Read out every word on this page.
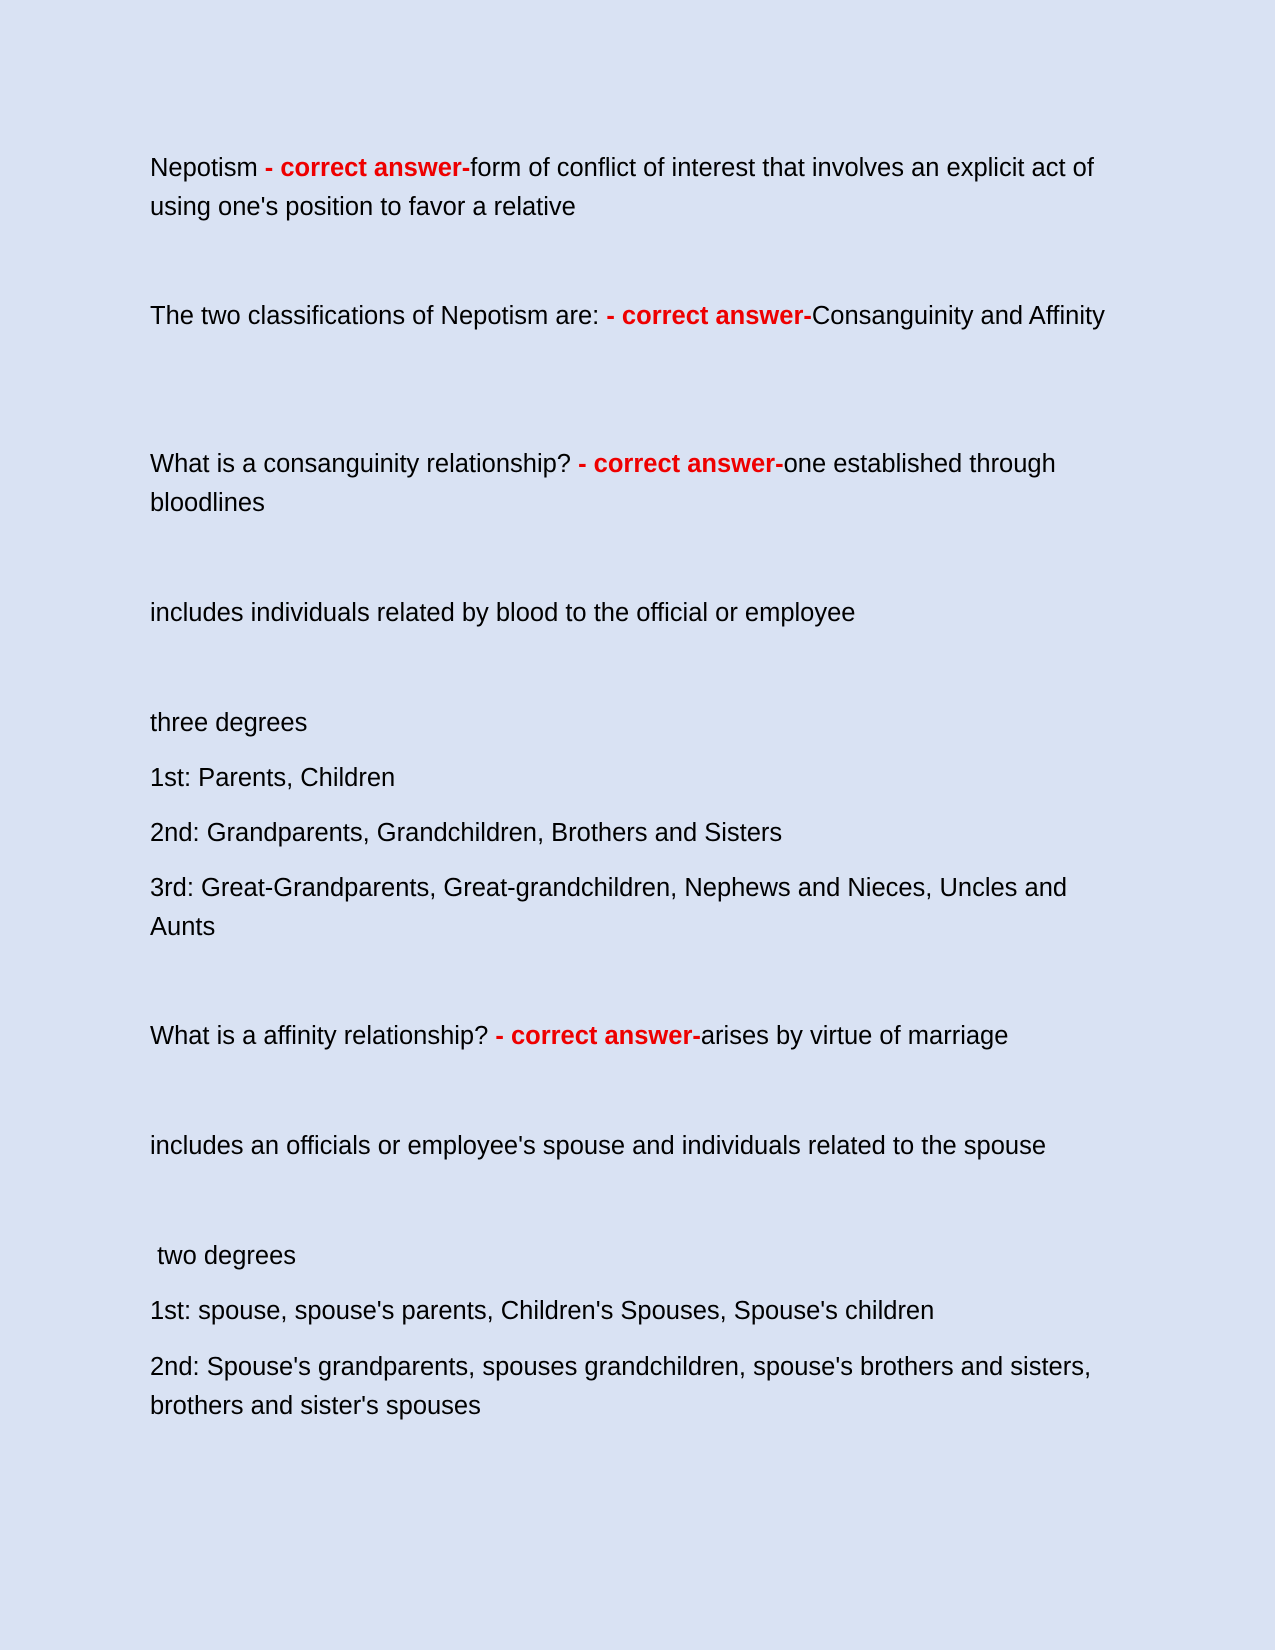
Nepotism - correct answer-form of conflict of interest that involves an explicit act of using one's position to favor a relative

The two classifications of Nepotism are: - correct answer-Consanguinity and Affinity

What is a consanguinity relationship? - correct answer-one established through bloodlines

includes individuals related by blood to the official or employee

three degrees

1st: Parents, Children

2nd: Grandparents, Grandchildren, Brothers and Sisters

3rd: Great-Grandparents, Great-grandchildren, Nephews and Nieces, Uncles and Aunts

What is a affinity relationship? - correct answer-arises by virtue of marriage

includes an officials or employee's spouse and individuals related to the spouse

two degrees

1st: spouse, spouse's parents, Children's Spouses, Spouse's children

2nd: Spouse's grandparents, spouses grandchildren, spouse's brothers and sisters, brothers and sister's spouses
